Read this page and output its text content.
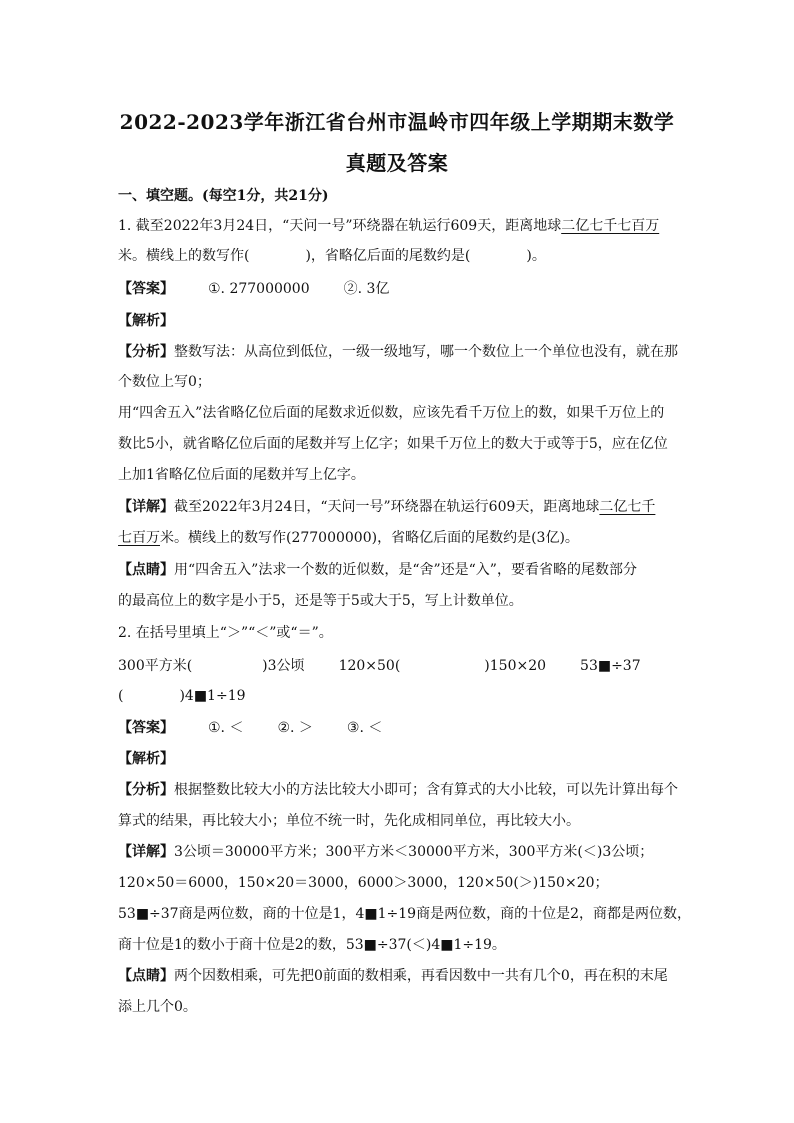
2022-2023学年浙江省台州市温岭市四年级上学期期末数学
真题及答案
一、填空题。(每空1分，共21分)
1. 截至2022年3月24日，“天问一号”环绕器在轨运行609天，距离地球二亿七千七百万
米。横线上的数写作(　　　　)，省略亿后面的尾数约是(　　　　)。
【答案】 ①. 277000000 ②. 3亿
【解析】
【分析】整数写法：从高位到低位，一级一级地写，哪一个数位上一个单位也没有，就在那
个数位上写0；
用“四舍五入”法省略亿位后面的尾数求近似数，应该先看千万位上的数，如果千万位上的
数比5小，就省略亿位后面的尾数并写上亿字；如果千万位上的数大于或等于5，应在亿位
上加1省略亿位后面的尾数并写上亿字。
【详解】截至2022年3月24日，“天问一号”环绕器在轨运行609天，距离地球二亿七千
七百万米。横线上的数写作(277000000)，省略亿后面的尾数约是(3亿)。
【点睛】用“四舍五入”法求一个数的近似数，是“舍”还是“入”，要看省略的尾数部分
的最高位上的数字是小于5，还是等于5或大于5，写上计数单位。
2. 在括号里填上“＞”“＜”或“＝”。
300平方米(　　　　　)3公顷 120×50(　　　　　　)150×20 53■÷37
(　　　　)4■1÷19
【答案】 ①. ＜ ②. ＞ ③. ＜
【解析】
【分析】根据整数比较大小的方法比较大小即可；含有算式的大小比较，可以先计算出每个
算式的结果，再比较大小；单位不统一时，先化成相同单位，再比较大小。
【详解】3公顷＝30000平方米；300平方米＜30000平方米，300平方米(＜)3公顷；
120×50＝6000，150×20＝3000，6000＞3000，120×50(＞)150×20；
53■÷37商是两位数，商的十位是1，4■1÷19商是两位数，商的十位是2，商都是两位数，
商十位是1的数小于商十位是2的数，53■÷37(＜)4■1÷19。
【点睛】两个因数相乘，可先把0前面的数相乘，再看因数中一共有几个0，再在积的末尾
添上几个0。
